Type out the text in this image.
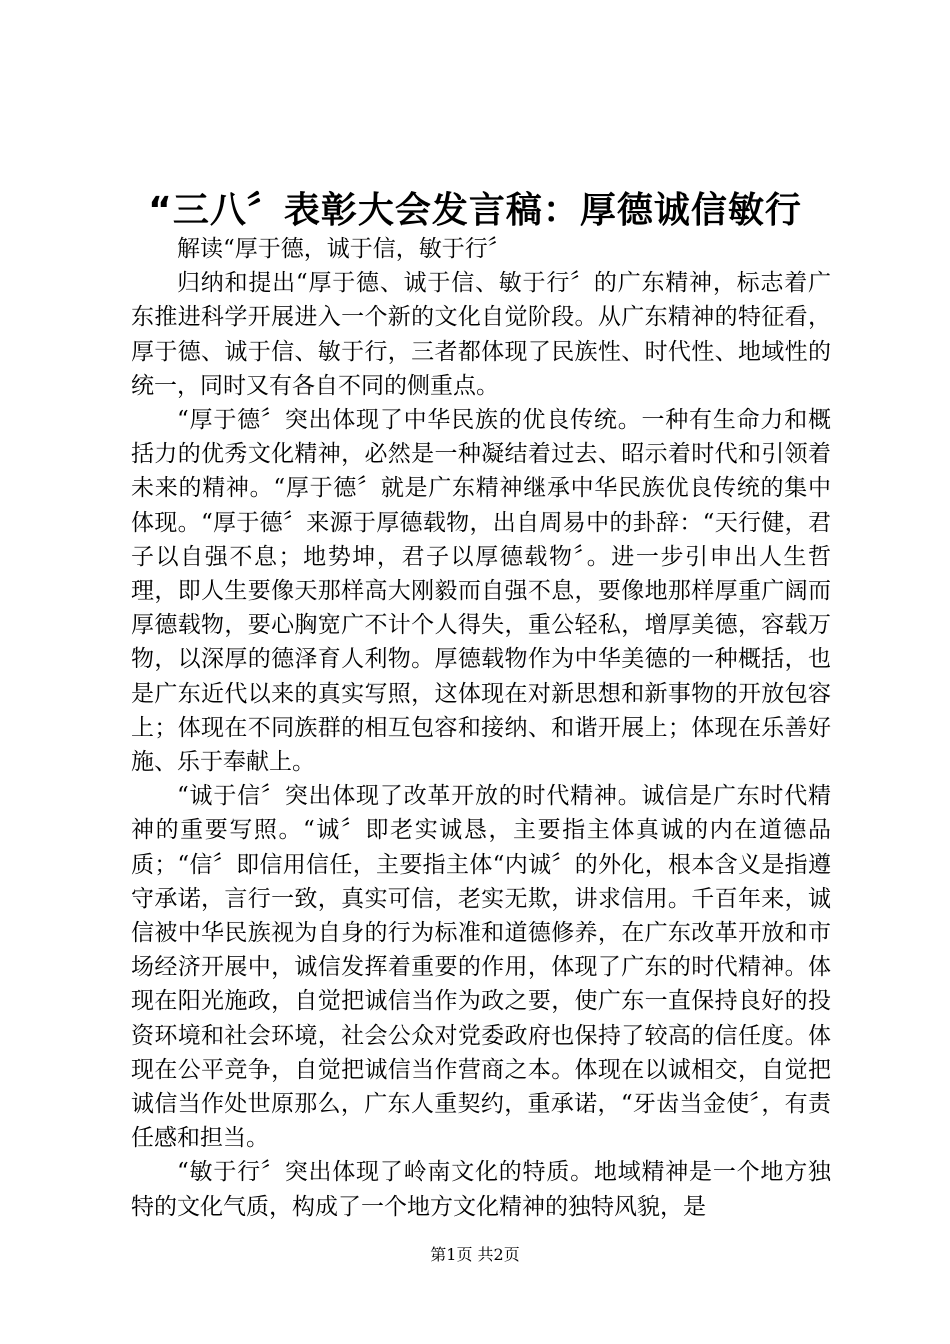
“三八〞表彰大会发言稿：厚德诚信敏行

解读“厚于德，诚于信，敏于行〞

归纳和提出“厚于德、诚于信、敏于行〞的广东精神，标志着广东推进科学开展进入一个新的文化自觉阶段。从广东精神的特征看，厚于德、诚于信、敏于行，三者都体现了民族性、时代性、地域性的统一，同时又有各自不同的侧重点。

“厚于德〞突出体现了中华民族的优良传统。一种有生命力和概括力的优秀文化精神，必然是一种凝结着过去、昭示着时代和引领着未来的精神。“厚于德〞就是广东精神继承中华民族优良传统的集中体现。“厚于德〞来源于厚德载物，出自周易中的卦辞：“天行健，君子以自强不息；地势坤，君子以厚德载物〞。进一步引申出人生哲理，即人生要像天那样高大刚毅而自强不息，要像地那样厚重广阔而厚德载物，要心胸宽广不计个人得失，重公轻私，增厚美德，容载万物，以深厚的德泽育人利物。厚德载物作为中华美德的一种概括，也是广东近代以来的真实写照，这体现在对新思想和新事物的开放包容上；体现在不同族群的相互包容和接纳、和谐开展上；体现在乐善好施、乐于奉献上。

“诚于信〞突出体现了改革开放的时代精神。诚信是广东时代精神的重要写照。“诚〞即老实诚恳，主要指主体真诚的内在道德品质；“信〞即信用信任，主要指主体“内诚〞的外化，根本含义是指遵守承诺，言行一致，真实可信，老实无欺，讲求信用。千百年来，诚信被中华民族视为自身的行为标准和道德修养，在广东改革开放和市场经济开展中，诚信发挥着重要的作用，体现了广东的时代精神。体现在阳光施政，自觉把诚信当作为政之要，使广东一直保持良好的投资环境和社会环境，社会公众对党委政府也保持了较高的信任度。体现在公平竞争，自觉把诚信当作营商之本。体现在以诚相交，自觉把诚信当作处世原那么，广东人重契约，重承诺，“牙齿当金使〞，有责任感和担当。

“敏于行〞突出体现了岭南文化的特质。地域精神是一个地方独特的文化气质，构成了一个地方文化精神的独特风貌，是

第1页 共2页
